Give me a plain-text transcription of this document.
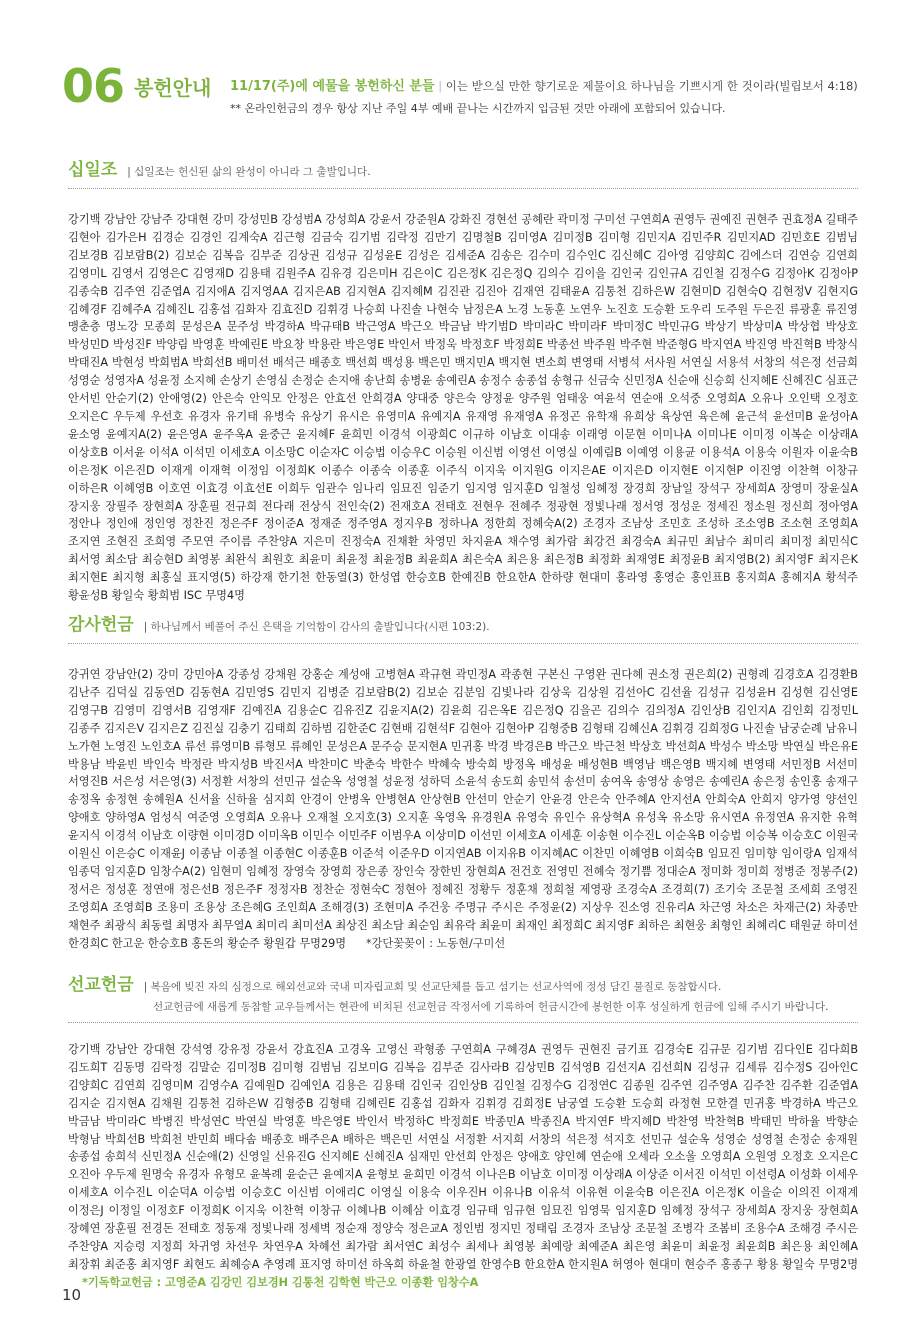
06 봉헌안내 11/17(주)에 예물을 봉헌하신 분들 | 이는 받으실 만한 향기로운 제물이요 하나님을 기쁘시게 한 것이라(빌립보서 4:18)
** 온라인헌금의 경우 항상 지난 주일 4부 예배 끝나는 시간까지 입금된 것만 아래에 포함되어 있습니다.
십일조 | 십일조는 헌신된 삶의 완성이 아니라 그 출발입니다.
강기백 강남안 강남주 강대현 강미 강성민B 강성범A 강성희A 강윤서 강준원A 강화진 경현선 공혜란 곽미정 구미선 구연희A 권영두 권예진 권현주 권효정A 길태주 김현아 김가은H 김경순 김경인 김계숙A 김근형 김금숙 김기범 김락정 김만기 김명철B 김미영A 김미정B 김미형 김민지A 김민주R 김민지AD 김민호E 김범님 김보경B 김보람B(2) 김보순 김복음 김부준 김상권 김성규 김성윤E 김성은 김세준A 김송은 김수미 김수인C 김신혜C 김아영 김양희C 김에스더 김연승 김연희 김영미L 김영서 김영은C 김영재D 김용태 김원주A 김유경 김은미H 김은이C 김은정K 김은정Q 김의수 김이을 김인국 김인규A 김인철 김정수G 김정아K 김정아P 김종숙B 김주연 김준엽A 김지애A 김지영AA 김지은AB 김지현A 김지혜M 김진관 김진아 김재연 김태윤A 김통천 김하은W 김현미D 김현숙Q 김현정V 김현지G 김혜경F 김혜주A 김혜진L 김홍섭 김화자 김효진D 김휘경 나승희 나진솔 나현숙 남정은A 노경 노동훈 노연우 노진호 도승환 도우리 도주원 두은진 류광훈 류진영 맹춘층 명노강 모종희 문성은A 문주성 박경하A 박규태B 박근영A 박근오 박금남 박기범D 박미라C 박미라F 박미정C 박민규G 박상기 박상미A 박상협 박상호 박성민D 박성진F 박양림 박영훈 박예린E 박요창 박용란 박은영E 박인서 박정욱 박정호F 박정희E 박종선 박주원 박주현 박준형G 박지연A 박진영 박진혁B 박창식 박태진A 박현성 박희범A 박희선B 배미선 배석근 배종호 백선희 백성용 백은민 백지민A 백지현 변소희 변영태 서병석 서사원 서연실 서용석 서창의 석은정 선금희 성영순 성영자A 성윤정 소지혜 손상기 손영심 손정순 손지애 송난희 송병윤 송예린A 송정수 송종섭 송형규 신금숙 신민정A 신순애 신승희 신지혜E 신혜진C 심표근 안서빈 안순기(2) 안애영(2) 안은숙 안익모 안정은 안효선 안희경A 양대중 양은숙 양정윤 양주원 엄태웅 여윤석 연순애 오석중 오영희A 오유나 오인택 오정호 오지은C 우두제 우선호 유경자 유기태 유병숙 유상기 유시은 유영미A 유예지A 유재영 유재영A 유정곤 유학재 유희상 육상연 육은혜 윤근석 윤선미B 윤성아A 윤소영 윤예지A(2) 윤은영A 윤주옥A 윤중근 윤지혜F 윤희민 이경석 이광희C 이규하 이남호 이대송 이래영 이문현 이미나A 이미나E 이미정 이복순 이상래A 이상호B 이서윤 이석A 이석민 이세호A 이소망C 이순자C 이승법 이승우C 이승원 이신범 이영선 이영실 이예림B 이예영 이용균 이용석A 이용숙 이원자 이윤숙B 이은정K 이은진D 이재게 이재혁 이정임 이정희K 이종수 이종숙 이종훈 이주식 이지욱 이지원G 이지은AE 이지은D 이지현E 이지현P 이진영 이찬혁 이창규 이하은R 이혜영B 이호연 이효경 이효선E 이희두 임관수 임나리 임묘진 임준기 임지영 임지훈D 임철성 임혜정 장경희 장남일 장석구 장세희A 장영미 장윤실A 장지웅 장필주 장현희A 장훈필 전규희 전다래 전상식 전인숙(2) 전재호A 전태호 전현우 전혜주 정광현 정빛나래 정서영 정성운 정세진 정소원 정신희 정아영A 정안나 정인애 정인영 정찬진 정은주F 정이준A 정재준 정주영A 정지우B 정하나A 정한희 정혜숙A(2) 조경자 조남상 조민호 조성하 조소영B 조소현 조영희A 조지연 조현진 조희영 주모연 주이름 주찬양A 지은미 진정숙A 진채환 차영민 차지윤A 채수영 최가람 최강건 최경숙A 최규민 최남수 최미리 최미정 최민식C 최서영 최소담 최승현D 최영봉 최완식 최원호 최윤미 최윤정 최윤정B 최윤희A 최은숙A 최은용 최은정B 최정화 최재영E 최정윤B 최지영B(2) 최지영F 최지은K 최지현E 최지형 최홍실 표지영(5) 하강재 한기천 한동열(3) 한성엽 한승호B 한예진B 한요한A 한하량 현대미 홍라영 홍영순 홍인표B 홍지희A 홍혜지A 황석주 황윤성B 황일숙 황희범 ISC 무명4명
감사헌금 | 하나님께서 베풀어 주신 은택을 기억함이 감사의 출발입니다(시편 103:2).
강귀연 강남안(2) 강미 강민아A 강종성 강채원 강홍순 계성애 고병현A 곽규현 곽민정A 곽종현 구본신 구영완 권다혜 권소정 권은희(2) 권형례 김경호A 김경환B 김난주 김덕실 김동연D 김동현A 김민영S 김민지 김병준 김보람B(2) 김보순 김분임 김빛나라 김상욱 김상원 김선아C 김선율 김성규 김성윤H 김성현 김신영E 김영구B 김영미 김영서B 김영재F 김예진A 김용순C 김유진Z 김윤지A(2) 김윤희 김은옥E 김은정Q 김을곤 김의수 김의정A 김인상B 김인지A 김인회 김정민L 김종주 김지은V 김지은Z 김진실 김충기 김태희 김하범 김한준C 김현배 김현석F 김현아 김현아P 김형중B 김형태 김혜신A 김휘경 김희정G 나진솔 남궁순례 남유니 노가현 노영진 노인호A 류선 류영미B 류형모 류혜인 문성은A 문주승 문지현A 민귀홍 박경 박경은B 박근오 박근천 박상호 박선희A 박성수 박소망 박연실 박은유E 박용남 박윤빈 박인숙 박정란 박지성B 박진서A 박찬미C 박춘숙 박한수 박혜숙 방숙희 방정옥 배성윤 배성현B 백영남 백은영B 백지혜 변영태 서민정B 서선미 서영진B 서은성 서은영(3) 서정환 서창의 선민규 설순옥 성영철 성윤정 성하덕 소윤석 송도희 송민석 송선미 송여옥 송영상 송영은 송예린A 송은정 송인홍 송재구 송정옥 송정현 송혜원A 신서율 신하율 심지희 안경이 안병옥 안병현A 안상현B 안선미 안순기 안윤경 안은숙 안주혜A 안지선A 안희숙A 안희지 양가영 양선인 양애호 양하영A 엄성식 여준영 오영희A 오유나 오재철 오지호(3) 오지훈 옥영옥 유경원A 유영숙 유인수 유상혁A 유성옥 유소망 유시연A 유정연A 유지한 유혁 윤지식 이경석 이남호 이량현 이미경D 이미옥B 이민수 이민주F 이범우A 이상미D 이선민 이세호A 이세훈 이송현 이수진L 이순옥B 이승법 이승복 이승호C 이원국 이원신 이은승C 이재윤J 이종남 이종철 이종현C 이종훈B 이준석 이준우D 이지연AB 이지유B 이지혜AC 이찬민 이혜영B 이희숙B 임묘진 임미향 임이랑A 임재석 임종덕 임지훈D 임창수A(2) 임현미 임혜정 장영숙 장영희 장은종 장인숙 장한빈 장현희A 전건호 전영민 전혜숙 정기쁨 정대순A 정미화 정미희 정병준 정봉주(2) 정서은 정성훈 정연애 정은선B 정은주F 정정자B 정찬순 정현숙C 정현아 정혜진 정황두 정훈채 정희철 제영광 조경숙A 조경희(7) 조기숙 조문철 조세희 조영진 조영희A 조영희B 조용미 조용상 조은혜G 조인희A 조해경(3) 조현미A 주건웅 주명규 주시은 주정윤(2) 지상우 진소영 진유리A 차근영 차소은 차재근(2) 차종만 채현주 최광식 최동렬 최명자 최무열A 최미리 최미선A 최상진 최소담 최순임 최유락 최윤미 최재인 최정희C 최지영F 최하은 최현웅 최형인 최혜리C 태원균 하미선 한경희C 한고운 한승호B 홍돈의 황순주 황원갑 무명29명 *강단꽃꽂이 : 노동현/구미선
선교헌금 | 복음에 빚진 자의 심정으로 해외선교와 국내 미자립교회 및 선교단체를 돕고 섬기는 선교사역에 정성 담긴 물질로 동참합시다.
선교헌금에 새롭게 동참할 교우들께서는 현관에 비치된 선교헌금 작정서에 기록하여 헌금시간에 봉헌한 이후 성실하게 헌금에 임해 주시기 바랍니다.
강기백 강남안 강대현 강석영 강유정 강윤서 강효진A 고경옥 고영신 곽형종 구연희A 구혜경A 권영두 권현진 금기표 김경숙E 김규문 김기범 김다인E 김다희B 김도희T 김동명 김락정 김말순 김미정B 김미형 김범님 김보미G 김복음 김부준 김사라B 김상민B 김석영B 김선지A 김선희N 김성규 김세류 김수정S 김아인C 김양희C 김연희 김영미M 김영수A 김예원D 김예인A 김용은 김용태 김인국 김인상B 김인철 김정수G 김정연C 김종원 김주연 김주영A 김주찬 김주환 김준엽A 김지순 김지현A 김채원 김통천 김하은W 김형중B 김형태 김혜린E 김홍섭 김화자 김휘경 김희정E 남궁열 도승환 도승희 라정현 모한결 민귀홍 박경하A 박근오 박금남 박미라C 박병진 박성연C 박연실 박영훈 박은영E 박인서 박정하C 박정희E 박종민A 박종진A 박지연F 박지혜D 박찬영 박찬혁B 박태민 박하율 박향순 박형남 박희선B 박희천 반민희 배다솜 배종호 배주은A 배하은 백은민 서연실 서정환 서지희 서창의 석은정 석지호 선민규 설순옥 성영순 성영철 손정순 송재원 송종섭 송희석 신민정A 신순애(2) 신영일 신유진G 신지혜E 신혜진A 심재민 안선희 안정은 양애호 양인혜 연순애 오세라 오소울 오영희A 오원영 오정호 오지은C 오진아 우두제 원명숙 유경자 유형모 윤복례 윤순근 윤예지A 윤형보 윤희민 이경석 이나은B 이남호 이미정 이상래A 이상준 이서진 이석민 이선령A 이성화 이세우 이세호A 이수진L 이순덕A 이승법 이승호C 이신범 이애리C 이영실 이용숙 이우진H 이유나B 이유석 이유현 이윤숙B 이은진A 이은정K 이을순 이의진 이재계 이정은J 이정일 이정호F 이정희K 이지욱 이찬혁 이창규 이혜나B 이혜삼 이효경 임규태 임규현 임묘진 임영묵 임지훈D 임혜정 장석구 장세희A 장지웅 장현희A 장혜연 장훈필 전경돈 전태호 정동재 정빛나래 정세벽 정순재 정양숙 정은교A 정인범 정지민 정태림 조경자 조남상 조문철 조병각 조봄비 조용수A 조해경 주시은 주찬양A 지승령 지정희 차귀영 차선우 차연우A 차혜선 최가람 최서연C 최성수 최세나 최영봉 최예랑 최예준A 최은영 최윤미 최윤정 최윤희B 최은용 최인혜A 최장휘 최준홍 최지영F 최현도 최혜승A 추영례 표지영 하미선 하옥희 하윤철 한광열 한영수B 한요한A 한지원A 허영아 현대미 현승주 홍종구 황용 황일숙 무명2명*기독학교헌금 : 고영준A 김강민 김보경H 김통천 김학현 박근오 이종환 임창수A
10
